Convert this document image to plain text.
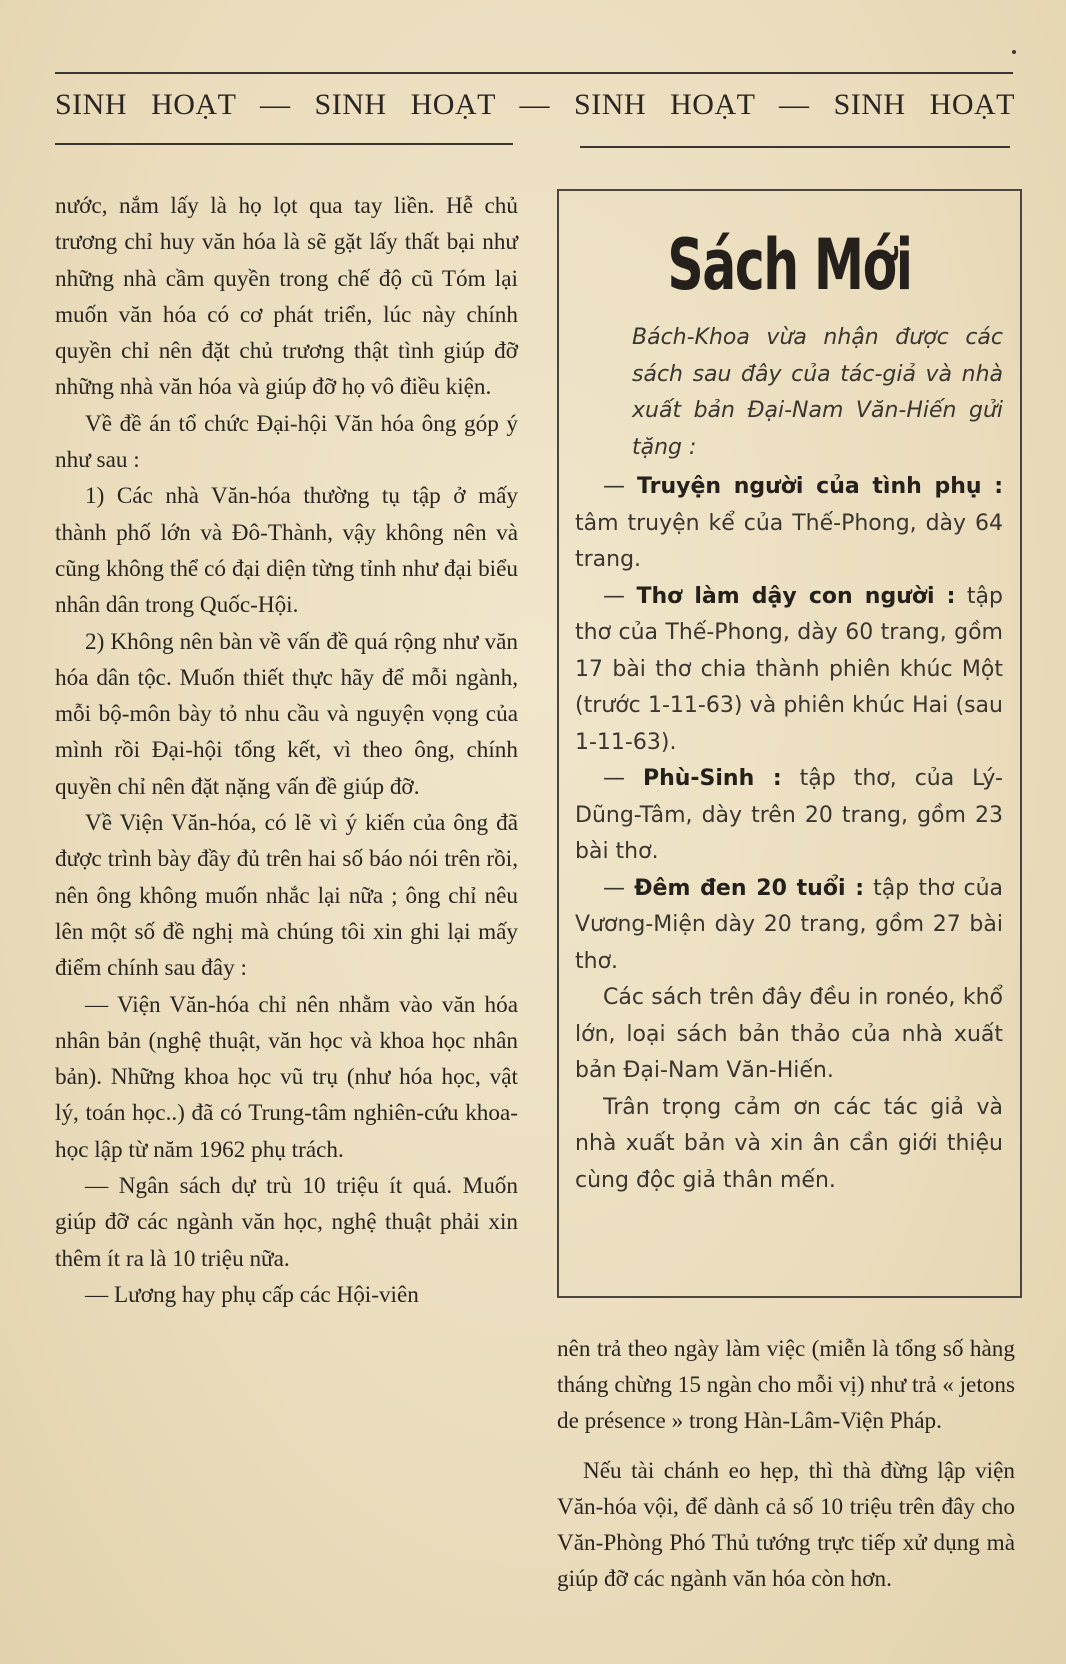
SINH HOẠT — SINH HOẠT — SINH HOẠT — SINH HOẠT

nước, nắm lấy là họ lọt qua tay liền. Hễ chủ trương chỉ huy văn hóa là sẽ gặt lấy thất bại như những nhà cầm quyền trong chế độ cũ Tóm lại muốn văn hóa có cơ phát triển, lúc này chính quyền chỉ nên đặt chủ trương thật tình giúp đỡ những nhà văn hóa và giúp đỡ họ vô điều kiện.

Về đề án tổ chức Đại-hội Văn hóa ông góp ý như sau :

1) Các nhà Văn-hóa thường tụ tập ở mấy thành phố lớn và Đô-Thành, vậy không nên và cũng không thể có đại diện từng tỉnh như đại biểu nhân dân trong Quốc-Hội.

2) Không nên bàn về vấn đề quá rộng như văn hóa dân tộc. Muốn thiết thực hãy để mỗi ngành, mỗi bộ-môn bày tỏ nhu cầu và nguyện vọng của mình rồi Đại-hội tổng kết, vì theo ông, chính quyền chỉ nên đặt nặng vấn đề giúp đỡ.

Về Viện Văn-hóa, có lẽ vì ý kiến của ông đã được trình bày đầy đủ trên hai số báo nói trên rồi, nên ông không muốn nhắc lại nữa ; ông chỉ nêu lên một số đề nghị mà chúng tôi xin ghi lại mấy điểm chính sau đây :

— Viện Văn-hóa chỉ nên nhằm vào văn hóa nhân bản (nghệ thuật, văn học và khoa học nhân bản). Những khoa học vũ trụ (như hóa học, vật lý, toán học..) đã có Trung-tâm nghiên-cứu khoa-học lập từ năm 1962 phụ trách.

— Ngân sách dự trù 10 triệu ít quá. Muốn giúp đỡ các ngành văn học, nghệ thuật phải xin thêm ít ra là 10 triệu nữa.

— Lương hay phụ cấp các Hội-viên

Sách Mới

Bách-Khoa vừa nhận được các sách sau đây của tác-giả và nhà xuất bản Đại-Nam Văn-Hiến gửi tặng :

— Truyện người của tình phụ : tâm truyện kể của Thế-Phong, dày 64 trang.

— Thơ làm dậy con người : tập thơ của Thế-Phong, dày 60 trang, gồm 17 bài thơ chia thành phiên khúc Một (trước 1-11-63) và phiên khúc Hai (sau 1-11-63).

— Phù-Sinh : tập thơ, của Lý-Dũng-Tâm, dày trên 20 trang, gồm 23 bài thơ.

— Đêm đen 20 tuổi : tập thơ của Vương-Miện dày 20 trang, gồm 27 bài thơ.

Các sách trên đây đều in ronéo, khổ lớn, loại sách bản thảo của nhà xuất bản Đại-Nam Văn-Hiến.

Trân trọng cảm ơn các tác giả và nhà xuất bản và xin ân cần giới thiệu cùng độc giả thân mến.

nên trả theo ngày làm việc (miễn là tổng số hàng tháng chừng 15 ngàn cho mỗi vị) như trả « jetons de présence » trong Hàn-Lâm-Viện Pháp.

Nếu tài chánh eo hẹp, thì thà đừng lập viện Văn-hóa vội, để dành cả số 10 triệu trên đây cho Văn-Phòng Phó Thủ tướng trực tiếp xử dụng mà giúp đỡ các ngành văn hóa còn hơn.
